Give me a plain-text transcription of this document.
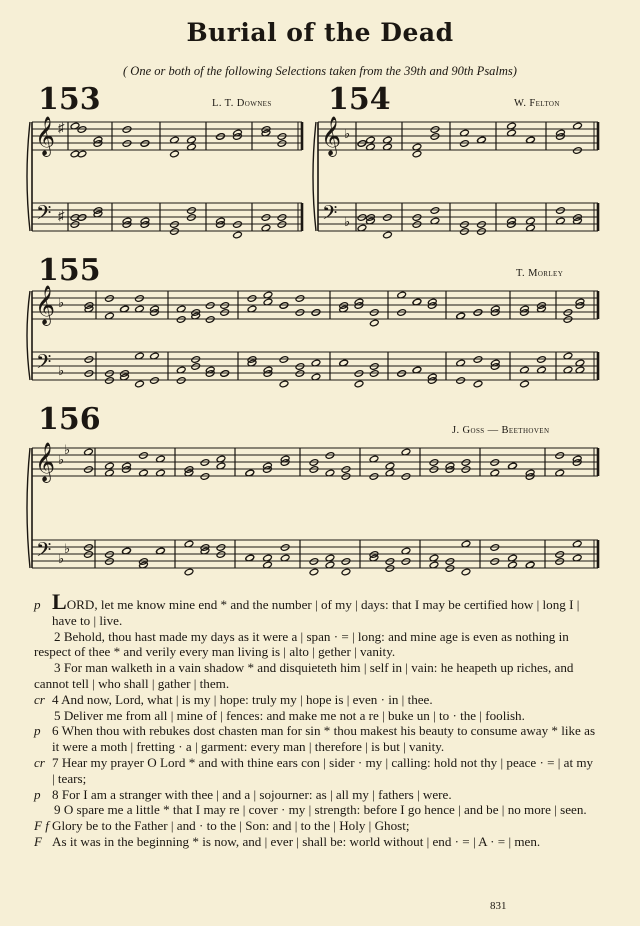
Burial of the Dead
( One or both of the following Selections taken from the 39th and 90th Psalms)
153	L. T. Downes 154	W. Felton
155	T. Morley
156	J. Goss — Beethoven
𝄞
𝄢
♯
♯
𝄞
𝄢
♭
♭
𝄞
𝄢
♭
♭
𝄞
𝄢
♭
♭
♭
♭

p LORD, let me know mine end * and the number | of my | days: that I may be certified how | long I | have to | live.

2 Behold, thou hast made my days as it were a | span · = | long: and mine age is even as nothing in respect of thee * and verily every man living is | alto | gether | vanity.

3 For man walketh in a vain shadow * and disquieteth him | self in | vain: he heapeth up riches, and cannot tell | who shall | gather | them.

cr 4 And now, Lord, what | is my | hope: truly my | hope is | even · in | thee.

5 Deliver me from all | mine of | fences: and make me not a re | buke un | to · the | foolish.

p 6 When thou with rebukes dost chasten man for sin * thou makest his beauty to consume away * like as it were a moth | fretting · a | garment: every man | therefore | is but | vanity.

cr 7 Hear my prayer O Lord * and with thine ears con | sider · my | calling: hold not thy | peace · = | at my | tears;

p 8 For I am a stranger with thee | and a | sojourner: as | all my | fathers | were.

9 O spare me a little * that I may re | cover · my | strength: before I go hence | and be | no more | seen.

F f Glory be to the Father | and · to the | Son: and | to the | Holy | Ghost;

F As it was in the beginning * is now, and | ever | shall be: world without | end · = | A · = | men.

831
